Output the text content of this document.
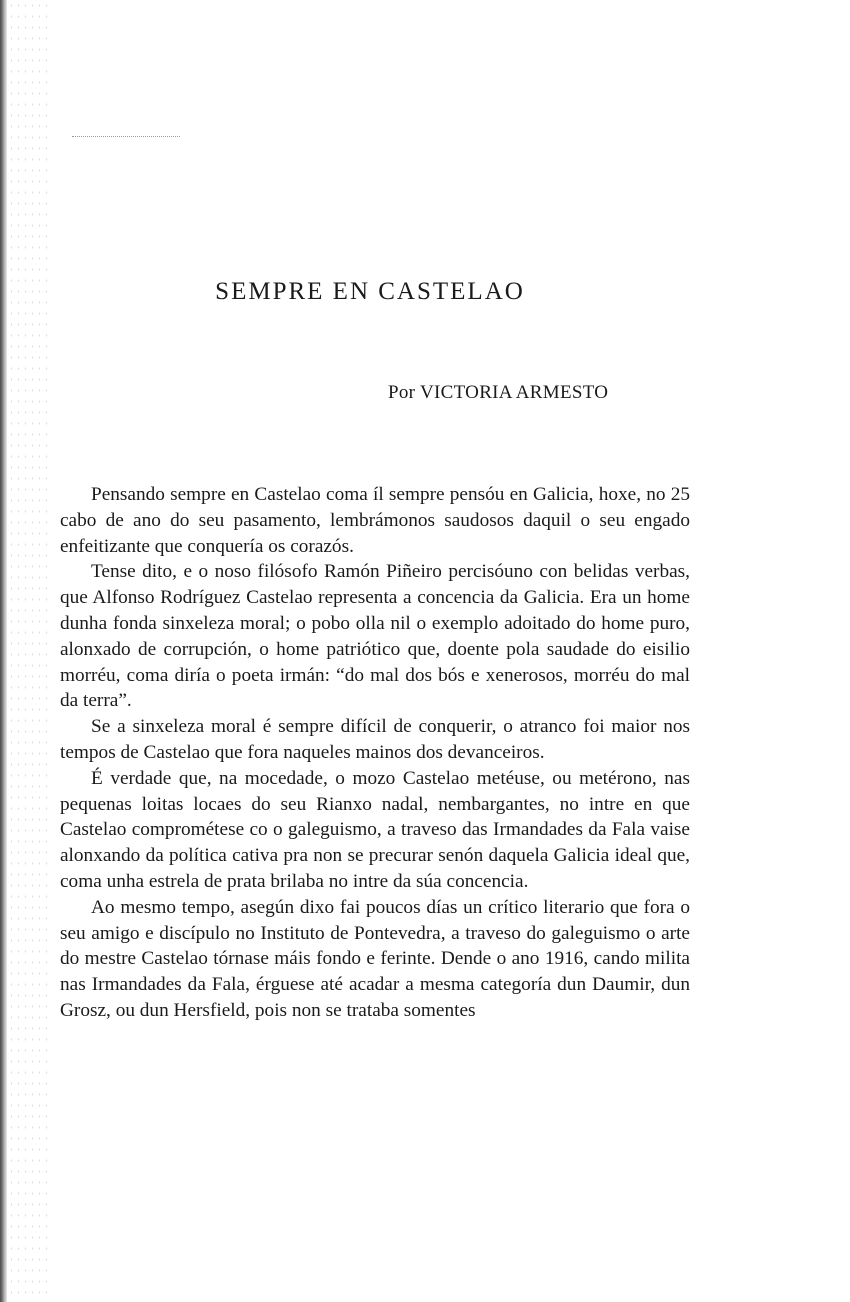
SEMPRE EN CASTELAO
Por VICTORIA ARMESTO

Pensando sempre en Castelao coma íl sempre pensóu en Galicia, hoxe, no 25 cabo de ano do seu pasamento, lembrámonos saudosos daquil o seu engado enfeitizante que conquería os corazós.

Tense dito, e o noso filósofo Ramón Piñeiro percisóuno con belidas verbas, que Alfonso Rodríguez Castelao representa a concencia da Galicia. Era un home dunha fonda sinxeleza moral; o pobo olla nil o exemplo adoitado do home puro, alonxado de corrupción, o home patriótico que, doente pola saudade do eisilio morréu, coma diría o poeta irmán: “do mal dos bós e xenerosos, morréu do mal da terra”.

Se a sinxeleza moral é sempre difícil de conquerir, o atranco foi maior nos tempos de Castelao que fora naqueles mainos dos devanceiros.

É verdade que, na mocedade, o mozo Castelao metéuse, ou metérono, nas pequenas loitas locaes do seu Rianxo nadal, nembargantes, no intre en que Castelao comprométese co o galeguismo, a traveso das Irmandades da Fala vaise alonxando da política cativa pra non se precurar senón daquela Galicia ideal que, coma unha estrela de prata brilaba no intre da súa concencia.

Ao mesmo tempo, asegún dixo fai poucos días un crítico literario que fora o seu amigo e discípulo no Instituto de Pontevedra, a traveso do galeguismo o arte do mestre Castelao tórnase máis fondo e ferinte. Dende o ano 1916, cando milita nas Irmandades da Fala, érguese até acadar a mesma categoría dun Daumir, dun Grosz, ou dun Hersfield, pois non se trataba somentes
